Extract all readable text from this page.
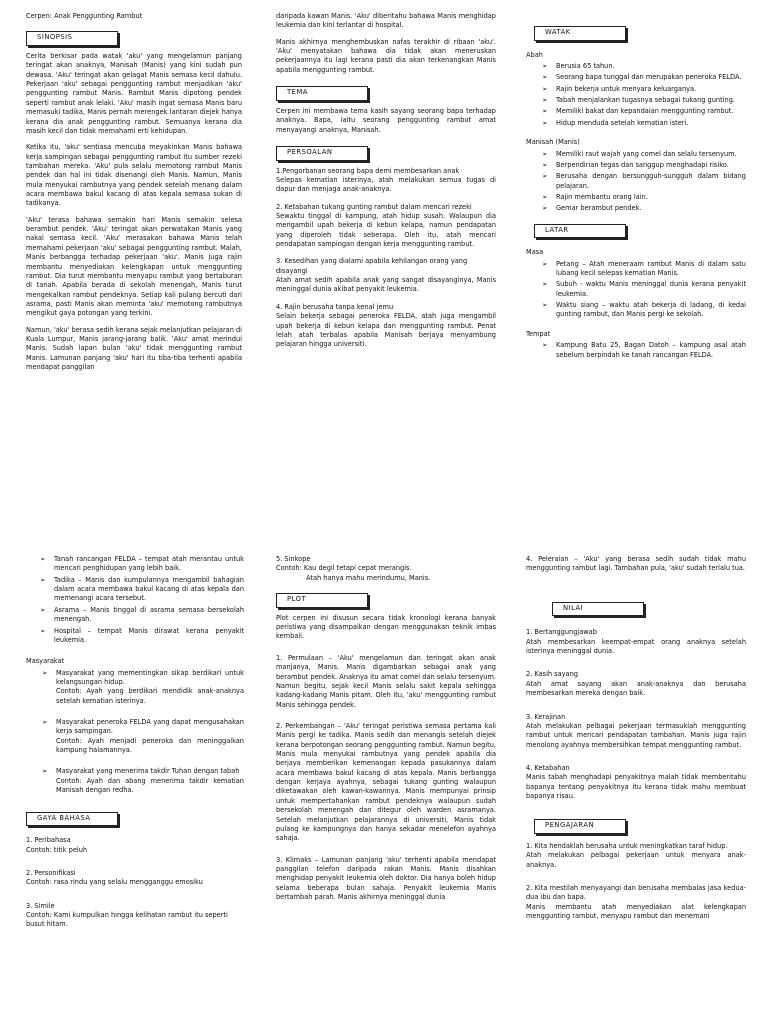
Cerpen: Anak Penggunting Rambut
SINOPSIS

Cerita berkisar pada watak 'aku' yang mengelamun panjang teringat akan anaknya, Manisah (Manis) yang kini sudah pun dewasa. 'Aku' teringat akan gelagat Manis semasa kecil dahulu. Pekerjaan 'aku' sebagai penggunting rambut menjadikan 'aku' penggunting rambut Manis. Rambut Manis dipotong pendek seperti rambut anak lelaki. 'Aku' masih ingat semasa Manis baru memasuki tadika, Manis pernah merengek lantaran diejek hanya kerana dia anak penggunting rambut. Semuanya kerana dia masih kecil dan tidak memahami erti kehidupan.

Ketika itu, 'aku' sentiasa mencuba meyakinkan Manis bahawa kerja sampingan sebagai penggunting rambut itu sumber rezeki tambahan mereka. 'Aku' pula selalu memotong rambut Manis pendek dan hal ini tidak disenangi oleh Manis. Namun, Manis mula menyukai rambutnya yang pendek setelah menang dalam acara membawa bakul kacang di atas kepala semasa sukan di tadikanya.

'Aku' terasa bahawa semakin hari Manis semakin selesa berambut pendek. 'Aku' teringat akan perwatakan Manis yang nakal semasa kecil. 'Aku' merasakan bahawa Manis telah memahami pekerjaan 'aku' sebagai penggunting rambut. Malah, Manis berbangga terhadap pekerjaan 'aku'. Manis juga rajin membantu menyediakan kelengkapan untuk menggunting rambut. Dia turut membantu menyapu rambut yang bertaburan di tanah. Apabila berada di sekolah menengah, Manis turut mengekalkan rambut pendeknya. Setiap kali pulang bercuti dari asrama, pasti Manis akan meminta 'aku' memotong rambutnya mengikut gaya potongan yang terkini.

Namun, 'aku' berasa sedih kerana sejak melanjutkan pelajaran di Kuala Lumpur, Manis jarang-jarang balik. 'Aku' amat merindui Manis. Sudah lapan bulan 'aku' tidak menggunting rambut Manis. Lamunan panjang 'aku' hari itu tiba-tiba terhenti apabila mendapat panggilan

daripada kawan Manis. 'Aku' diberitahu bahawa Manis menghidap leukemia dan kini terlantar di hospital.

Manis akhirnya menghembuskan nafas terakhir di ribaan 'aku'. 'Aku' menyatakan bahawa dia tidak akan meneruskan pekerjaannya itu lagi kerana pasti dia akan terkenangkan Manis apabila menggunting rambut.

TEMA

Cerpen ini membawa tema kasih sayang seorang bapa terhadap anaknya. Bapa, iaitu seorang penggunting rambut amat menyayangi anaknya, Manisah.

PERSOALAN
1.Pengorbanan seorang bapa demi membesarkan anak
Selepas kematian isterinya, atah melakukan semua tugas di dapur dan menjaga anak-anaknya.
2. Ketabahan tukang gunting rambut dalam mencari rezeki
Sewaktu tinggal di kampung, atah hidup susah. Walaupun dia mengambil upah bekerja di kebun kelapa, namun pendapatan yang diperoleh tidak seberapa. Oleh itu, atah mencari pendapatan sampingan dengan kerja menggunting rambut.
3. Kesedihan yang dialami apabila kehilangan orang yang disayangi
Atah amat sedih apabila anak yang sangat disayanginya, Manis meninggal dunia akibat penyakit leukemia.
4. Rajin berusaha tanpa kenal jemu
Selain bekerja sebagai peneroka FELDA, atah juga mengambil upah bekerja di kebun kelapa dan menggunting rambut. Penat lelah atah terbalas apabila Manisah berjaya menyambung pelajaran hingga universiti.
WATAK
Abah
➢ Berusia 65 tahun.
➢ Seorang bapa tunggal dan merupakan peneroka FELDA.
➢ Rajin bekerja untuk menyara keluarganya.
➢ Tabah menjalankan tugasnya sebagai tukang gunting.
➢ Memiliki bakat dan kepandaian menggunting rambut.
➢ Hidup menduda setelah kematian isteri.
Manisah (Manis)
➢ Memiliki raut wajah yang comel dan selalu tersenyum.
➢ Berpendirian tegas dan sanggup menghadapi risiko.
➢ Berusaha dengan bersungguh-sungguh dalam bidang pelajaran.
➢ Rajin membantu orang lain.
➢ Gemar berambut pendek.
LATAR
Masa
➢ Petang – Atah meneraam rambut Manis di dalam satu lubang kecil selepas kematian Manis.
➢ Subuh - waktu Manis meninggal dunia kerana penyakit leukemia.
➢ Waktu siang – waktu atah bekerja di ladang, di kedai gunting rambut, dan Manis pergi ke sekolah.
Tempat
➢ Kampung Batu 25, Bagan Datoh – kampung asal atah sebelum berpindah ke tanah rancangan FELDA.
➢ Tanah rancangan FELDA – tempat atah merantau untuk mencari penghidupan yang lebih baik.
➢ Tadika – Manis dan kumpulannya mengambil bahagian dalam acara membawa bakul kacang di atas kepala dan memenangi acara tersebut.
➢ Asrama – Manis tinggal di asrama semasa bersekolah menengah.
➢ Hospital – tempat Manis dirawat kerana penyakit leukemia.
Masyarakat
➢ Masyarakat yang mementingkan sikap berdikari untuk kelangsungan hidup.
Contoh: Ayah yang berdikari mendidik anak-anaknya setelah kematian isterinya.
➢ Masyarakat peneroka FELDA yang dapat mengusahakan kerja sampingan.
Contoh: Ayah menjadi peneroka dan meninggalkan kampung halamannya.
➢ Masyarakat yang menerima takdir Tuhan dengan tabah
Contoh: Ayah dan abang menerima takdir kematian Manisah dengan redha.
GAYA BAHASA
1. Peribahasa
Contoh: titik peluh
2. Personifikasi
Contoh: rasa rindu yang selalu mengganggu emosiku
3. Simile
Contoh: Kami kumpulkan hingga kelihatan rambut itu seperti busut hitam.
5. Sinkope
Contoh: Kau degil tetapi cepat merangis.
Atah hanya mahu merindumu, Manis.
PLOT

Plot cerpen ini disusun secara tidak kronologi kerana banyak peristiwa yang disampaikan dengan menggunakan teknik imbas kembali.

1. Permulaan – 'Aku' mengelamun dan teringat akan anak manjanya, Manis. Manis digambarkan sebagai anak yang berambut pendek. Anaknya itu amat comel dan selalu tersenyum. Namun begitu, sejak kecil Manis selalu sakit kepala sehingga kadang-kadang Manis pitam. Oleh itu, 'aku' menggunting rambut Manis sehingga pendek.

2. Perkembangan – 'Aku' teringat peristiwa semasa pertama kali Manis pergi ke tadika. Manis sedih dan menangis setelah diejek kerana berpotongan seorang penggunting rambut. Namun begitu, Manis mula menyukai rambutnya yang pendek apabila dia berjaya memberikan kemenangan kepada pasukannya dalam acara membawa bakul kacang di atas kepala. Manis berbangga dengan kerjaya ayahnya, sebagai tukang gunting walaupun diketawakan oleh kawan-kawannya. Manis mempunyai prinsip untuk mempertahankan rambut pendeknya walaupun sudah bersekolah menengah dan ditegur oleh warden asramanya. Setelah melanjutkan pelajarannya di universiti, Manis tidak pulang ke kampungnya dan hanya sekadar menelefon ayahnya sahaja.

3. Klimaks – Lamunan panjang 'aku' terhenti apabila mendapat panggilan telefon daripada rakan Manis. Manis disahkan menghidap penyakit leukemia oleh doktor. Dia hanya boleh hidup selama beberapa bulan sahaja. Penyakit leukemia Manis bertambah parah. Manis akhirnya meninggal dunia

4. Peleraian – 'Aku' yang berasa sedih sudah tidak mahu menggunting rambut lagi. Tambahan pula, 'aku' sudah terlalu tua.

NILAI
1. Bertanggungjawab
Atah membesarkan keempat-empat orang anaknya setelah isterinya meninggal dunia.
2. Kasih sayang
Atah amat sayang akan anak-anaknya dan berusaha membesarkan mereka dengan baik.
3. Kerajinan
Atah melakukan pelbagai pekerjaan termasuklah menggunting rambut untuk mencari pendapatan tambahan. Manis juga rajin menolong ayahnya membersihkan tempat menggunting rambut.
4. Ketabahan
Manis tabah menghadapi penyakitnya malah tidak memberitahu bapanya tentang penyakitnya itu kerana tidak mahu membuat bapanya risau.
PENGAJARAN
1. Kita hendaklah berusaha untuk meningkatkan taraf hidup.
Atah melakukan pelbagai pekerjaan untuk menyara anak-anaknya.
2. Kita mestilah menyayangi dan berusaha membalas jasa kedua-dua ibu dan bapa.
Manis membantu atah menyediakan alat kelengkapan menggunting rambut, menyapu rambut dan menemani
